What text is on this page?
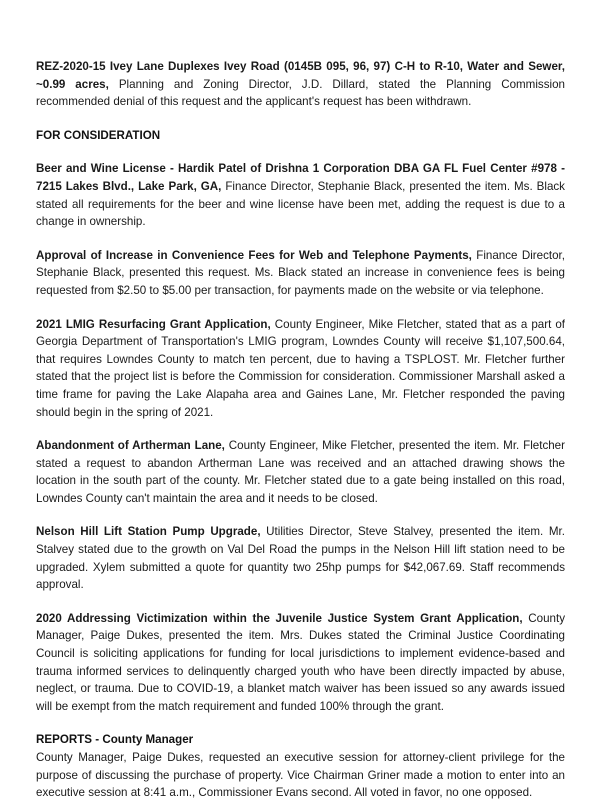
REZ-2020-15 Ivey Lane Duplexes Ivey Road (0145B 095, 96, 97) C-H to R-10, Water and Sewer, ~0.99 acres, Planning and Zoning Director, J.D. Dillard, stated the Planning Commission recommended denial of this request and the applicant's request has been withdrawn.

FOR CONSIDERATION

Beer and Wine License - Hardik Patel of Drishna 1 Corporation DBA GA FL Fuel Center #978 - 7215 Lakes Blvd., Lake Park, GA, Finance Director, Stephanie Black, presented the item. Ms. Black stated all requirements for the beer and wine license have been met, adding the request is due to a change in ownership.

Approval of Increase in Convenience Fees for Web and Telephone Payments, Finance Director, Stephanie Black, presented this request. Ms. Black stated an increase in convenience fees is being requested from $2.50 to $5.00 per transaction, for payments made on the website or via telephone.

2021 LMIG Resurfacing Grant Application, County Engineer, Mike Fletcher, stated that as a part of Georgia Department of Transportation's LMIG program, Lowndes County will receive $1,107,500.64, that requires Lowndes County to match ten percent, due to having a TSPLOST. Mr. Fletcher further stated that the project list is before the Commission for consideration. Commissioner Marshall asked a time frame for paving the Lake Alapaha area and Gaines Lane, Mr. Fletcher responded the paving should begin in the spring of 2021.

Abandonment of Artherman Lane, County Engineer, Mike Fletcher, presented the item. Mr. Fletcher stated a request to abandon Artherman Lane was received and an attached drawing shows the location in the south part of the county. Mr. Fletcher stated due to a gate being installed on this road, Lowndes County can't maintain the area and it needs to be closed.

Nelson Hill Lift Station Pump Upgrade, Utilities Director, Steve Stalvey, presented the item. Mr. Stalvey stated due to the growth on Val Del Road the pumps in the Nelson Hill lift station need to be upgraded. Xylem submitted a quote for quantity two 25hp pumps for $42,067.69. Staff recommends approval.

2020 Addressing Victimization within the Juvenile Justice System Grant Application, County Manager, Paige Dukes, presented the item. Mrs. Dukes stated the Criminal Justice Coordinating Council is soliciting applications for funding for local jurisdictions to implement evidence-based and trauma informed services to delinquently charged youth who have been directly impacted by abuse, neglect, or trauma. Due to COVID-19, a blanket match waiver has been issued so any awards issued will be exempt from the match requirement and funded 100% through the grant.

REPORTS - County Manager

County Manager, Paige Dukes, requested an executive session for attorney-client privilege for the purpose of discussing the purchase of property. Vice Chairman Griner made a motion to enter into an executive session at 8:41 a.m., Commissioner Evans second. All voted in favor, no one opposed.
